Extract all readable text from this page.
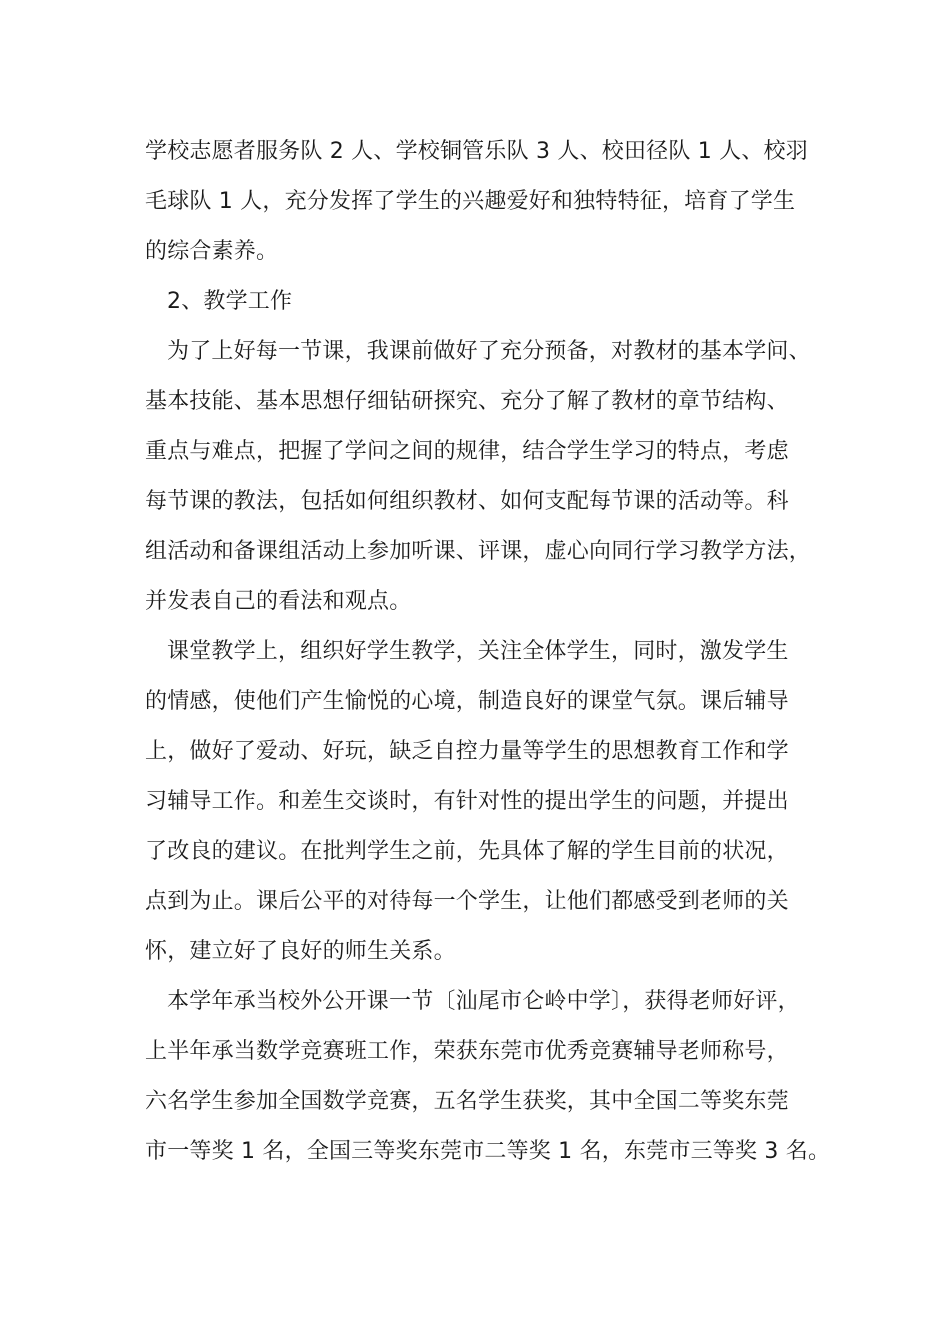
学校志愿者服务队 2 人、学校铜管乐队 3 人、校田径队 1 人、校羽
毛球队 1 人，充分发挥了学生的兴趣爱好和独特特征，培育了学生
的综合素养。
2、教学工作
为了上好每一节课，我课前做好了充分预备，对教材的基本学问、
基本技能、基本思想仔细钻研探究、充分了解了教材的章节结构、
重点与难点，把握了学问之间的规律，结合学生学习的特点，考虑
每节课的教法，包括如何组织教材、如何支配每节课的活动等。科
组活动和备课组活动上参加听课、评课，虚心向同行学习教学方法，
并发表自己的看法和观点。
课堂教学上，组织好学生教学，关注全体学生，同时，激发学生
的情感，使他们产生愉悦的心境，制造良好的课堂气氛。课后辅导
上，做好了爱动、好玩，缺乏自控力量等学生的思想教育工作和学
习辅导工作。和差生交谈时，有针对性的提出学生的问题，并提出
了改良的建议。在批判学生之前，先具体了解的学生目前的状况，
点到为止。课后公平的对待每一个学生，让他们都感受到老师的关
怀，建立好了良好的师生关系。
本学年承当校外公开课一节〔汕尾市仑岭中学〕，获得老师好评，
上半年承当数学竞赛班工作，荣获东莞市优秀竞赛辅导老师称号，
六名学生参加全国数学竞赛，五名学生获奖，其中全国二等奖东莞
市一等奖 1 名，全国三等奖东莞市二等奖 1 名，东莞市三等奖 3 名。
